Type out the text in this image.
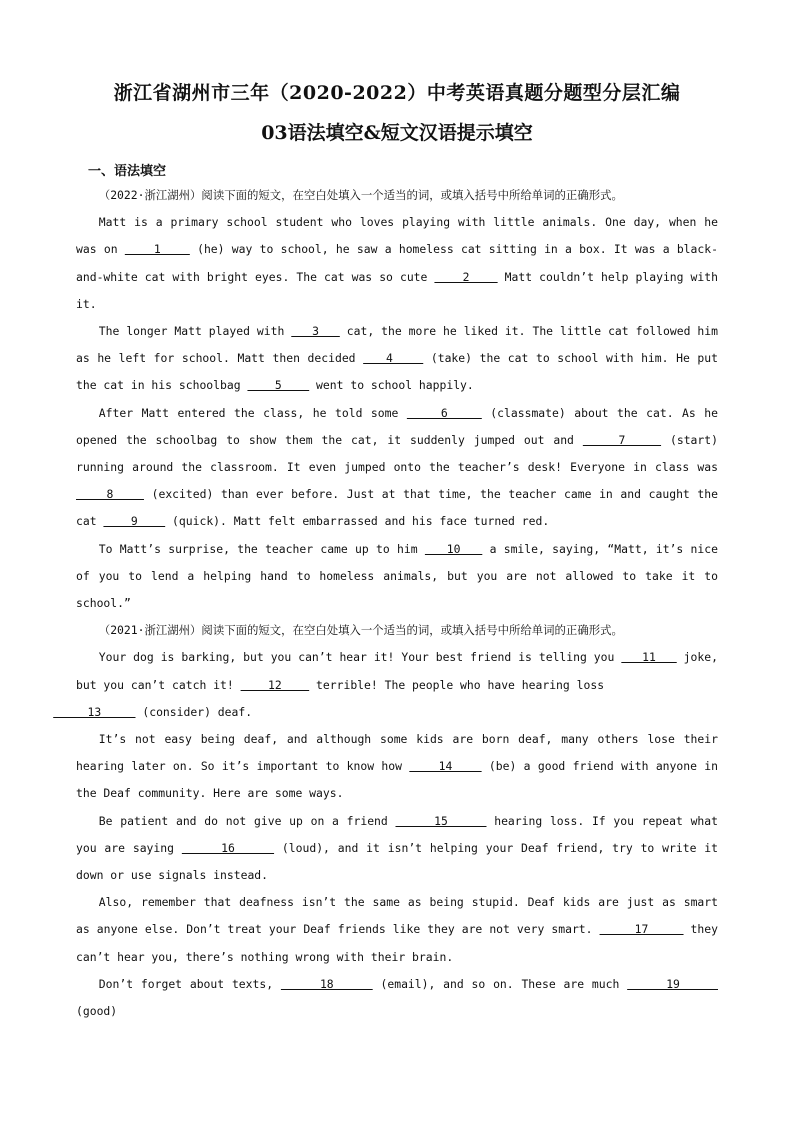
浙江省湖州市三年（2020-2022）中考英语真题分题型分层汇编
03语法填空&短文汉语提示填空
一、语法填空

（2022·浙江湖州）阅读下面的短文，在空白处填入一个适当的词，或填入括号中所给单词的正确形式。

Matt is a primary school student who loves playing with little animals. One day, when he was on     1     (he) way to school, he saw a homeless cat sitting in a box. It was a black-and-white cat with bright eyes. The cat was so cute     2     Matt couldn’t help playing with it.

The longer Matt played with    3    cat, the more he liked it. The little cat followed him as he left for school. Matt then decided    4     (take) the cat to school with him. He put the cat in his schoolbag     5     went to school happily.

After Matt entered the class, he told some     6     (classmate) about the cat. As he opened the schoolbag to show them the cat, it suddenly jumped out and     7     (start) running around the classroom. It even jumped onto the teacher’s desk! Everyone in class was     8     (excited) than ever before. Just at that time, the teacher came in and caught the cat     9     (quick). Matt felt embarrassed and his face turned red.

To Matt’s surprise, the teacher came up to him    10    a smile, saying, “Matt, it’s nice of you to lend a helping hand to homeless animals, but you are not allowed to take it to school.”

（2021·浙江湖州）阅读下面的短文，在空白处填入一个适当的词，或填入括号中所给单词的正确形式。

Your dog is barking, but you can’t hear it! Your best friend is telling you    11    joke, but you can’t catch it!     12     terrible! The people who have hearing loss
13      (consider) deaf.

It’s not easy being deaf, and although some kids are born deaf, many others lose their hearing later on. So it’s important to know how     14     (be) a good friend with anyone in the Deaf community. Here are some ways.

Be patient and do not give up on a friend      15      hearing loss. If you repeat what you are saying      16      (loud), and it isn’t helping your Deaf friend, try to write it down or use signals instead.

Also, remember that deafness isn’t the same as being stupid. Deaf kids are just as smart as anyone else. Don’t treat your Deaf friends like they are not very smart.      17      they can’t hear you, there’s nothing wrong with their brain.

Don’t forget about texts,      18      (email), and so on. These are much      19      (good)
